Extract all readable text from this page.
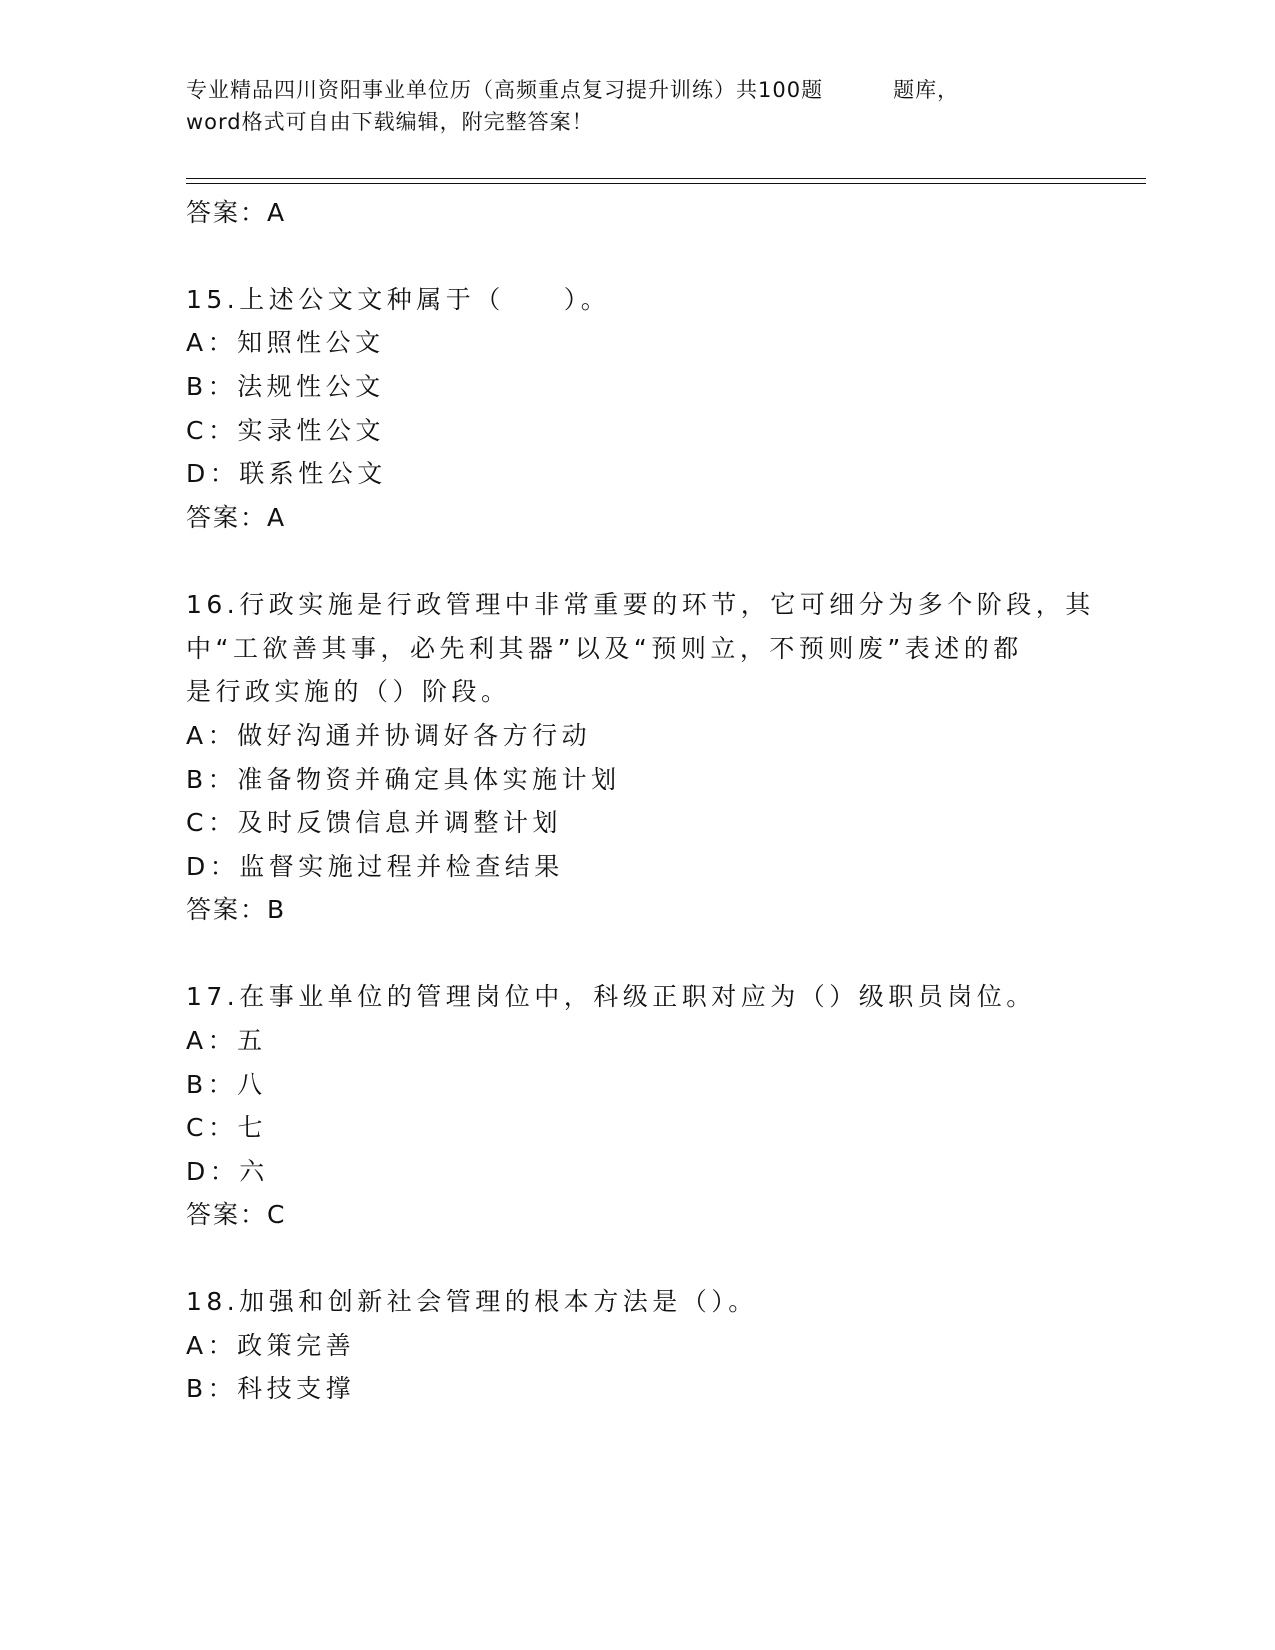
专业精品四川资阳事业单位历（高频重点复习提升训练）共100题	题库，
word格式可自由下载编辑，附完整答案！
答案：A
15.上述公文文种属于（　　）。
A：知照性公文
B：法规性公文
C：实录性公文
D：联系性公文
答案：A
16.行政实施是行政管理中非常重要的环节，它可细分为多个阶段，其
中“工欲善其事，必先利其器”以及“预则立，不预则废”表述的都
是行政实施的（）阶段。
A：做好沟通并协调好各方行动
B：准备物资并确定具体实施计划
C：及时反馈信息并调整计划
D：监督实施过程并检查结果
答案：B
17.在事业单位的管理岗位中，科级正职对应为（）级职员岗位。
A：五
B：八
C：七
D：六
答案：C
18.加强和创新社会管理的根本方法是（）。
A：政策完善
B：科技支撑
